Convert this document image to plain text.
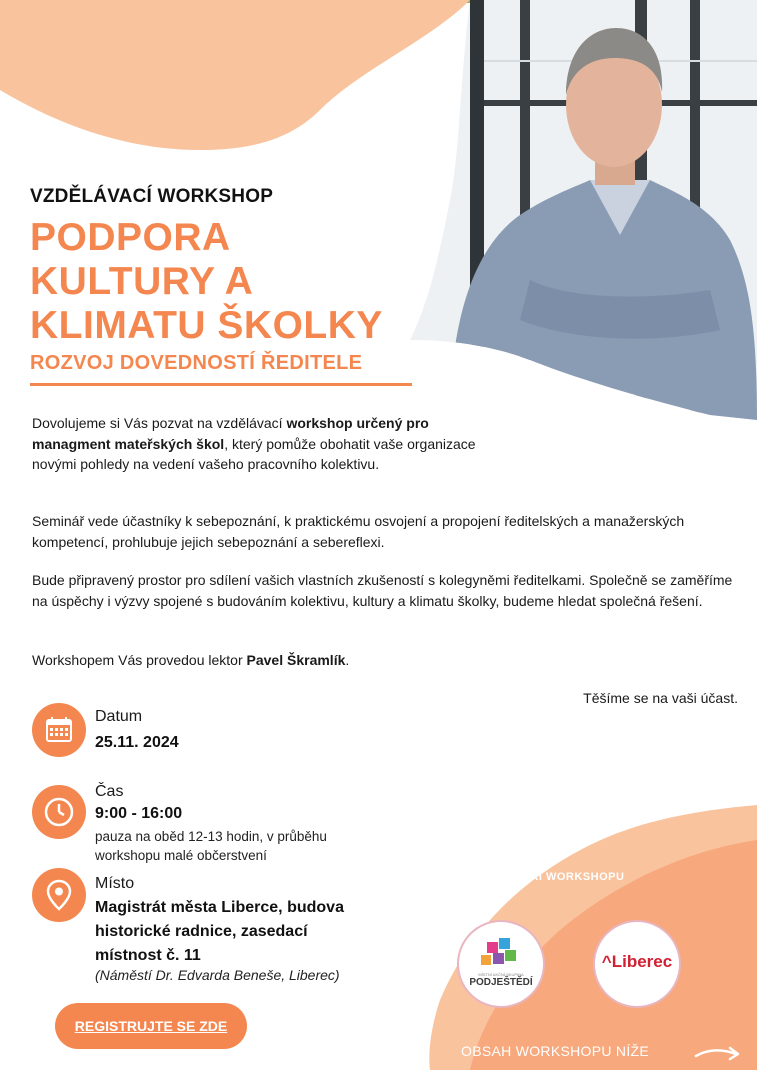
VZDĚLÁVACÍ WORKSHOP
PODPORA
KULTURY A
KLIMATU ŠKOLKY
ROZVOJ DOVEDNOSTÍ ŘEDITELE
Dovolujeme si Vás pozvat na vzdělávací workshop určený pro managment mateřských škol, který pomůže obohatit vaše organizace novými pohledy na vedení vašeho pracovního kolektivu.
Seminář vede účastníky k sebepoznání, k praktickému osvojení a propojení ředitelských a manažerských kompetencí, prohlubuje jejich sebepoznání a sebereflexi.
Bude připravený prostor pro sdílení vašich vlastních zkušeností s kolegyněmi ředitelkami. Společně se zaměříme na úspěchy i výzvy spojené s budováním kolektivu, kultury a klimatu školky, budeme hledat společná řešení.
Workshopem Vás provedou lektor Pavel Škramlík.
Těšíme se na vaši účast.
Datum
25.11. 2024
Čas
9:00 - 16:00
pauza na oběd 12-13 hodin, v průběhu workshopu malé občerstvení
Místo
Magistrát města Liberce, budova historické radnice, zasedací místnost č. 11
(Náměstí Dr. Edvarda Beneše, Liberec)
REGISTRUJTE SE ZDE
PARTNEŘI WORKSHOPU
MÍSTNÍ AKČNÍ SKUPINA
PODJEŠTĚDÍ
^Liberec
OBSAH WORKSHOPU NÍŽE
